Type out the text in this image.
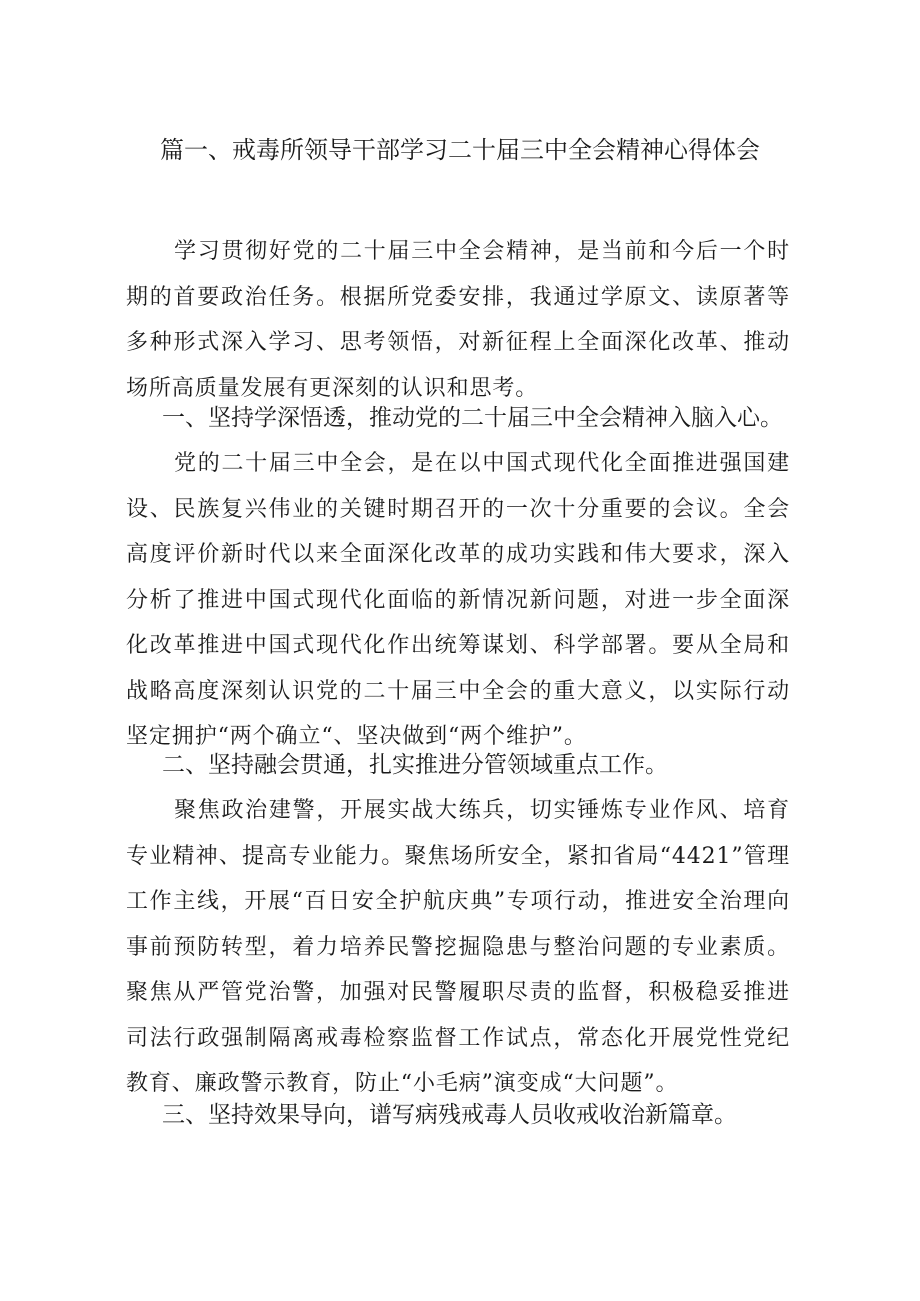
篇一、戒毒所领导干部学习二十届三中全会精神心得体会

学习贯彻好党的二十届三中全会精神，是当前和今后一个时期的首要政治任务。根据所党委安排，我通过学原文、读原著等多种形式深入学习、思考领悟，对新征程上全面深化改革、推动场所高质量发展有更深刻的认识和思考。

一、坚持学深悟透，推动党的二十届三中全会精神入脑入心。

党的二十届三中全会，是在以中国式现代化全面推进强国建设、民族复兴伟业的关键时期召开的一次十分重要的会议。全会高度评价新时代以来全面深化改革的成功实践和伟大要求，深入分析了推进中国式现代化面临的新情况新问题，对进一步全面深化改革推进中国式现代化作出统筹谋划、科学部署。要从全局和战略高度深刻认识党的二十届三中全会的重大意义，以实际行动坚定拥护“两个确立“、坚决做到“两个维护”。

二、坚持融会贯通，扎实推进分管领域重点工作。

聚焦政治建警，开展实战大练兵，切实锤炼专业作风、培育专业精神、提高专业能力。聚焦场所安全，紧扣省局“4421”管理工作主线，开展“百日安全护航庆典”专项行动，推进安全治理向事前预防转型，着力培养民警挖掘隐患与整治问题的专业素质。聚焦从严管党治警，加强对民警履职尽责的监督，积极稳妥推进司法行政强制隔离戒毒检察监督工作试点，常态化开展党性党纪教育、廉政警示教育，防止“小毛病”演变成“大问题”。

三、坚持效果导向，谱写病残戒毒人员收戒收治新篇章。
